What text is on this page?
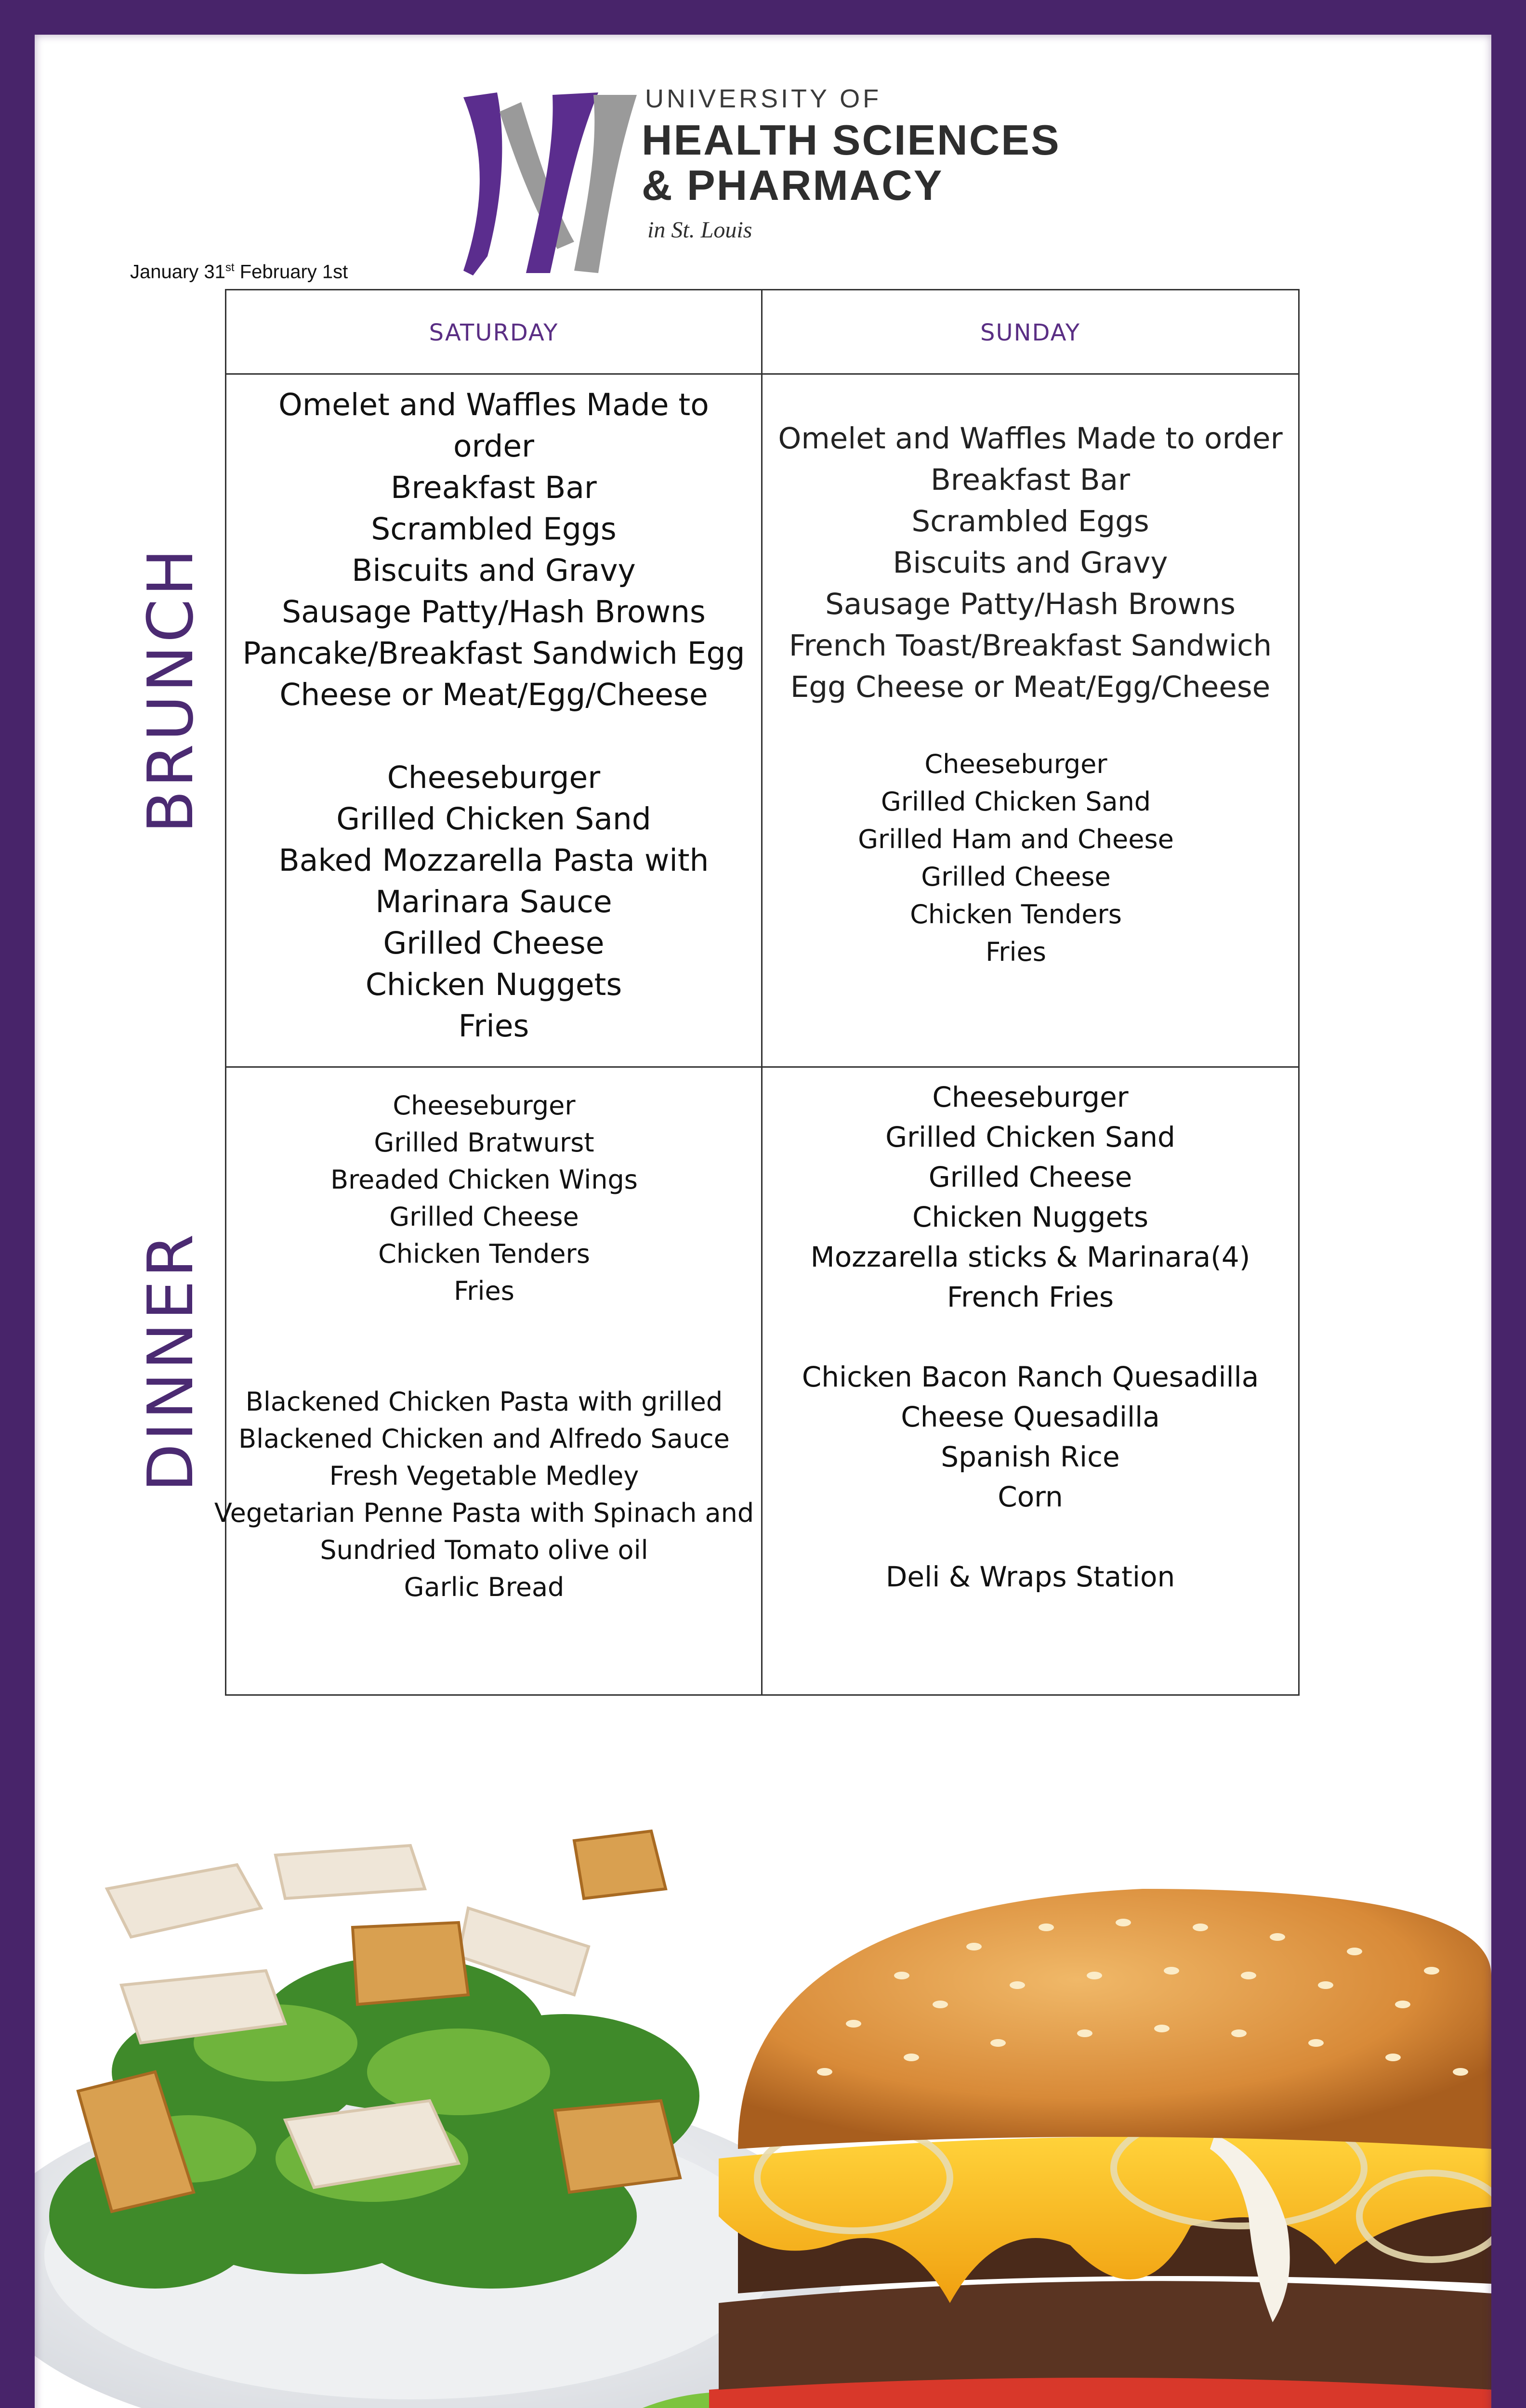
UNIVERSITY OF
HEALTH SCIENCES
& PHARMACY
in St. Louis
January 31st February 1st
BRUNCH
DINNER
SATURDAY	SUNDAY
Omelet and Waffles Made to
order
Breakfast Bar
Scrambled Eggs
Biscuits and Gravy
Sausage Patty/Hash Browns
Pancake/Breakfast Sandwich Egg
Cheese or Meat/Egg/Cheese
Cheeseburger
Grilled Chicken Sand
Baked Mozzarella Pasta with
Marinara Sauce
Grilled Cheese
Chicken Nuggets
Fries
Omelet and Waffles Made to order
Breakfast Bar
Scrambled Eggs
Biscuits and Gravy
Sausage Patty/Hash Browns
French Toast/Breakfast Sandwich
Egg Cheese or Meat/Egg/Cheese
Cheeseburger
Grilled Chicken Sand
Grilled Ham and Cheese
Grilled Cheese
Chicken Tenders
Fries
Cheeseburger
Grilled Bratwurst
Breaded Chicken Wings
Grilled Cheese
Chicken Tenders
Fries
Blackened Chicken Pasta with grilled
Blackened Chicken and Alfredo Sauce
Fresh Vegetable Medley
Vegetarian Penne Pasta with Spinach and
Sundried Tomato olive oil
Garlic Bread
Cheeseburger
Grilled Chicken Sand
Grilled Cheese
Chicken Nuggets
Mozzarella sticks & Marinara(4)
French Fries
Chicken Bacon Ranch Quesadilla
Cheese Quesadilla
Spanish Rice
Corn
Deli & Wraps Station
